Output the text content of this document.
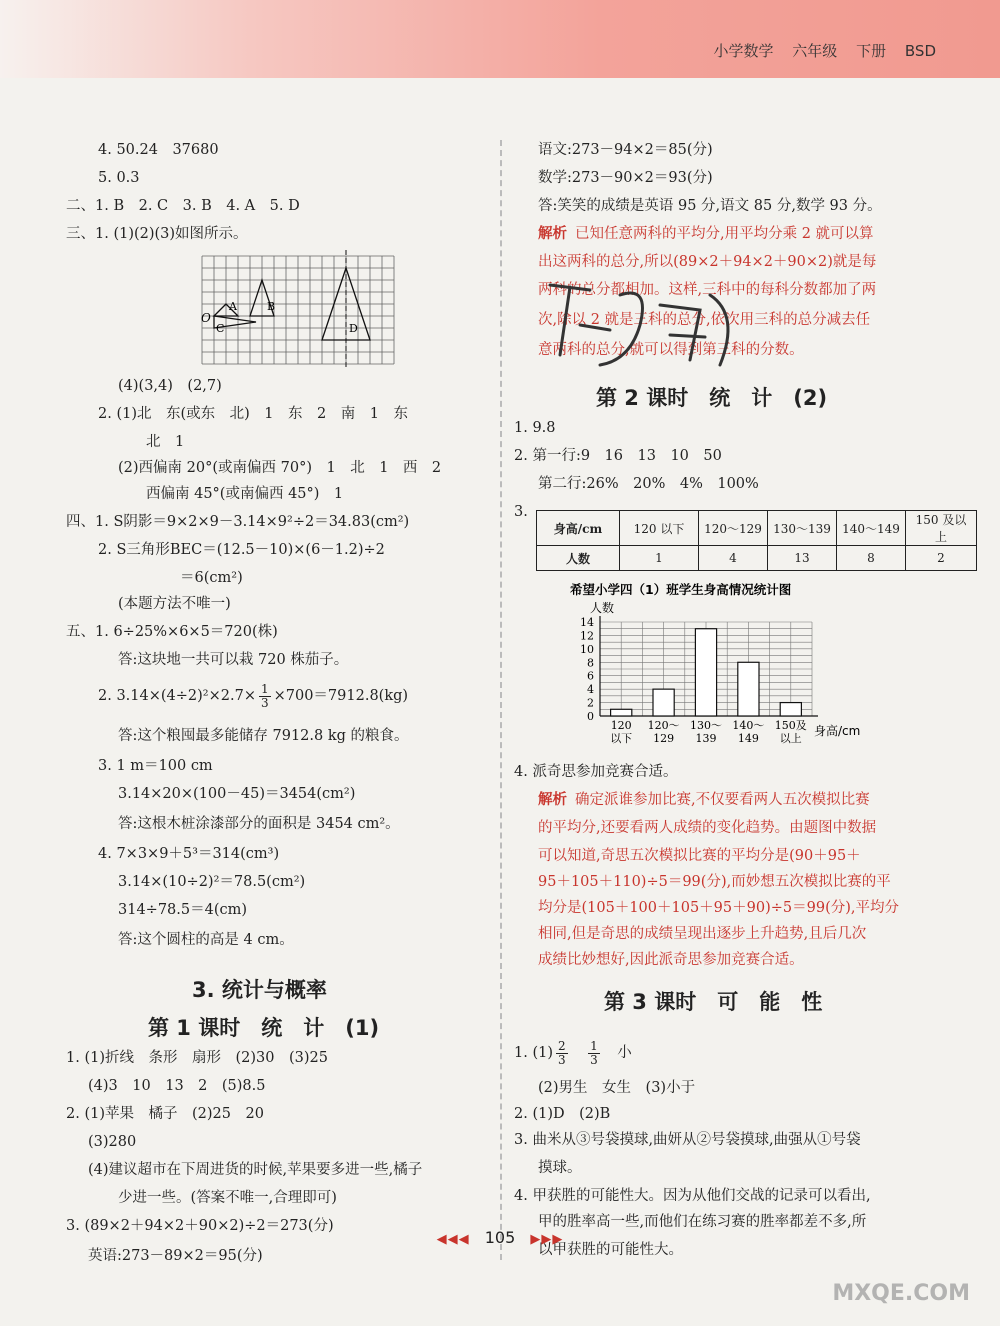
小学数学 六年级 下册 BSD
4. 50.24　37680
5. 0.3
二、1. B　2. C　3. B　4. A　5. D
三、1. (1)(2)(3)如图所示。
A	B
C	D
O
(4)(3,4)　(2,7)
2. (1)北　东(或东　北)　1　东　2　南　1　东
北　1
(2)西偏南 20°(或南偏西 70°)　1　北　1　西　2
西偏南 45°(或南偏西 45°)　1
四、1. S阴影＝9×2×9－3.14×9²÷2＝34.83(cm²)
2. S三角形BEC＝(12.5－10)×(6－1.2)÷2
＝6(cm²)
(本题方法不唯一)
五、1. 6÷25%×6×5＝720(株)
答:这块地一共可以栽 720 株茄子。
2. $3.14\times(4\div 2)^2\times 2.7\times \frac{1}{3} \times 700=7912.8(kg)$
答:这个粮囤最多能储存 7912.8 kg 的粮食。
3. 1 m＝100 cm
3.14×20×(100－45)＝3454(cm²)
答:这根木桩涂漆部分的面积是 3454 cm²。
4. 7×3×9＋5³＝314(cm³)
3.14×(10÷2)²＝78.5(cm²)
314÷78.5＝4(cm)
答:这个圆柱的高是 4 cm。
3. 统计与概率
第 1 课时　统　计　(1)
1. (1)折线　条形　扇形　(2)30　(3)25
(4)3　10　13　2　(5)8.5
2. (1)苹果　橘子　(2)25　20
(3)280
(4)建议超市在下周进货的时候,苹果要多进一些,橘子
少进一些。(答案不唯一,合理即可)
3. (89×2＋94×2＋90×2)÷2＝273(分)
英语:273－89×2＝95(分)
语文:273－94×2＝85(分)
数学:273－90×2＝93(分)
答:笑笑的成绩是英语 95 分,语文 85 分,数学 93 分。
解析 已知任意两科的平均分,用平均分乘 2 就可以算
出这两科的总分,所以(89×2＋94×2＋90×2)就是每
两科的总分都相加。这样,三科中的每科分数都加了两
次,除以 2 就是三科的总分,依次用三科的总分减去任
意两科的总分,就可以得到第三科的分数。
第 2 课时　统　计　(2)
1. 9.8
2. 第一行:9　16　13　10　50
第二行:26%　20%　4%　100%
3.
身高/cm	120 以下	120～129	130～139	140～149	150 及以上
人数	1	4	13	8	2
希望小学四（1）班学生身高情况统计图
人数
0
2
4
6
8
10
12
14
120
以下
120～
129
130～
139
140～
149
150及
以上
身高/cm
4. 派奇思参加竞赛合适。
解析 确定派谁参加比赛,不仅要看两人五次模拟比赛
的平均分,还要看两人成绩的变化趋势。由题图中数据
可以知道,奇思五次模拟比赛的平均分是(90＋95＋
95＋105＋110)÷5＝99(分),而妙想五次模拟比赛的平
均分是(105＋100＋105＋95＋90)÷5＝99(分),平均分
相同,但是奇思的成绩呈现出逐步上升趋势,且后几次
成绩比妙想好,因此派奇思参加竞赛合适。
第 3 课时　可　能　性
1. $(1) \frac{2}{3}$
　 $\frac{1}{3}$
　 小
(2)男生　女生　(3)小于
2. (1)D　(2)B
3. 曲米从③号袋摸球,曲妍从②号袋摸球,曲强从①号袋
摸球。
4. 甲获胜的可能性大。因为从他们交战的记录可以看出,
甲的胜率高一些,而他们在练习赛的胜率都差不多,所
以甲获胜的可能性大。
◀◀◀ 105 ▶▶▶
MXQE.COM
